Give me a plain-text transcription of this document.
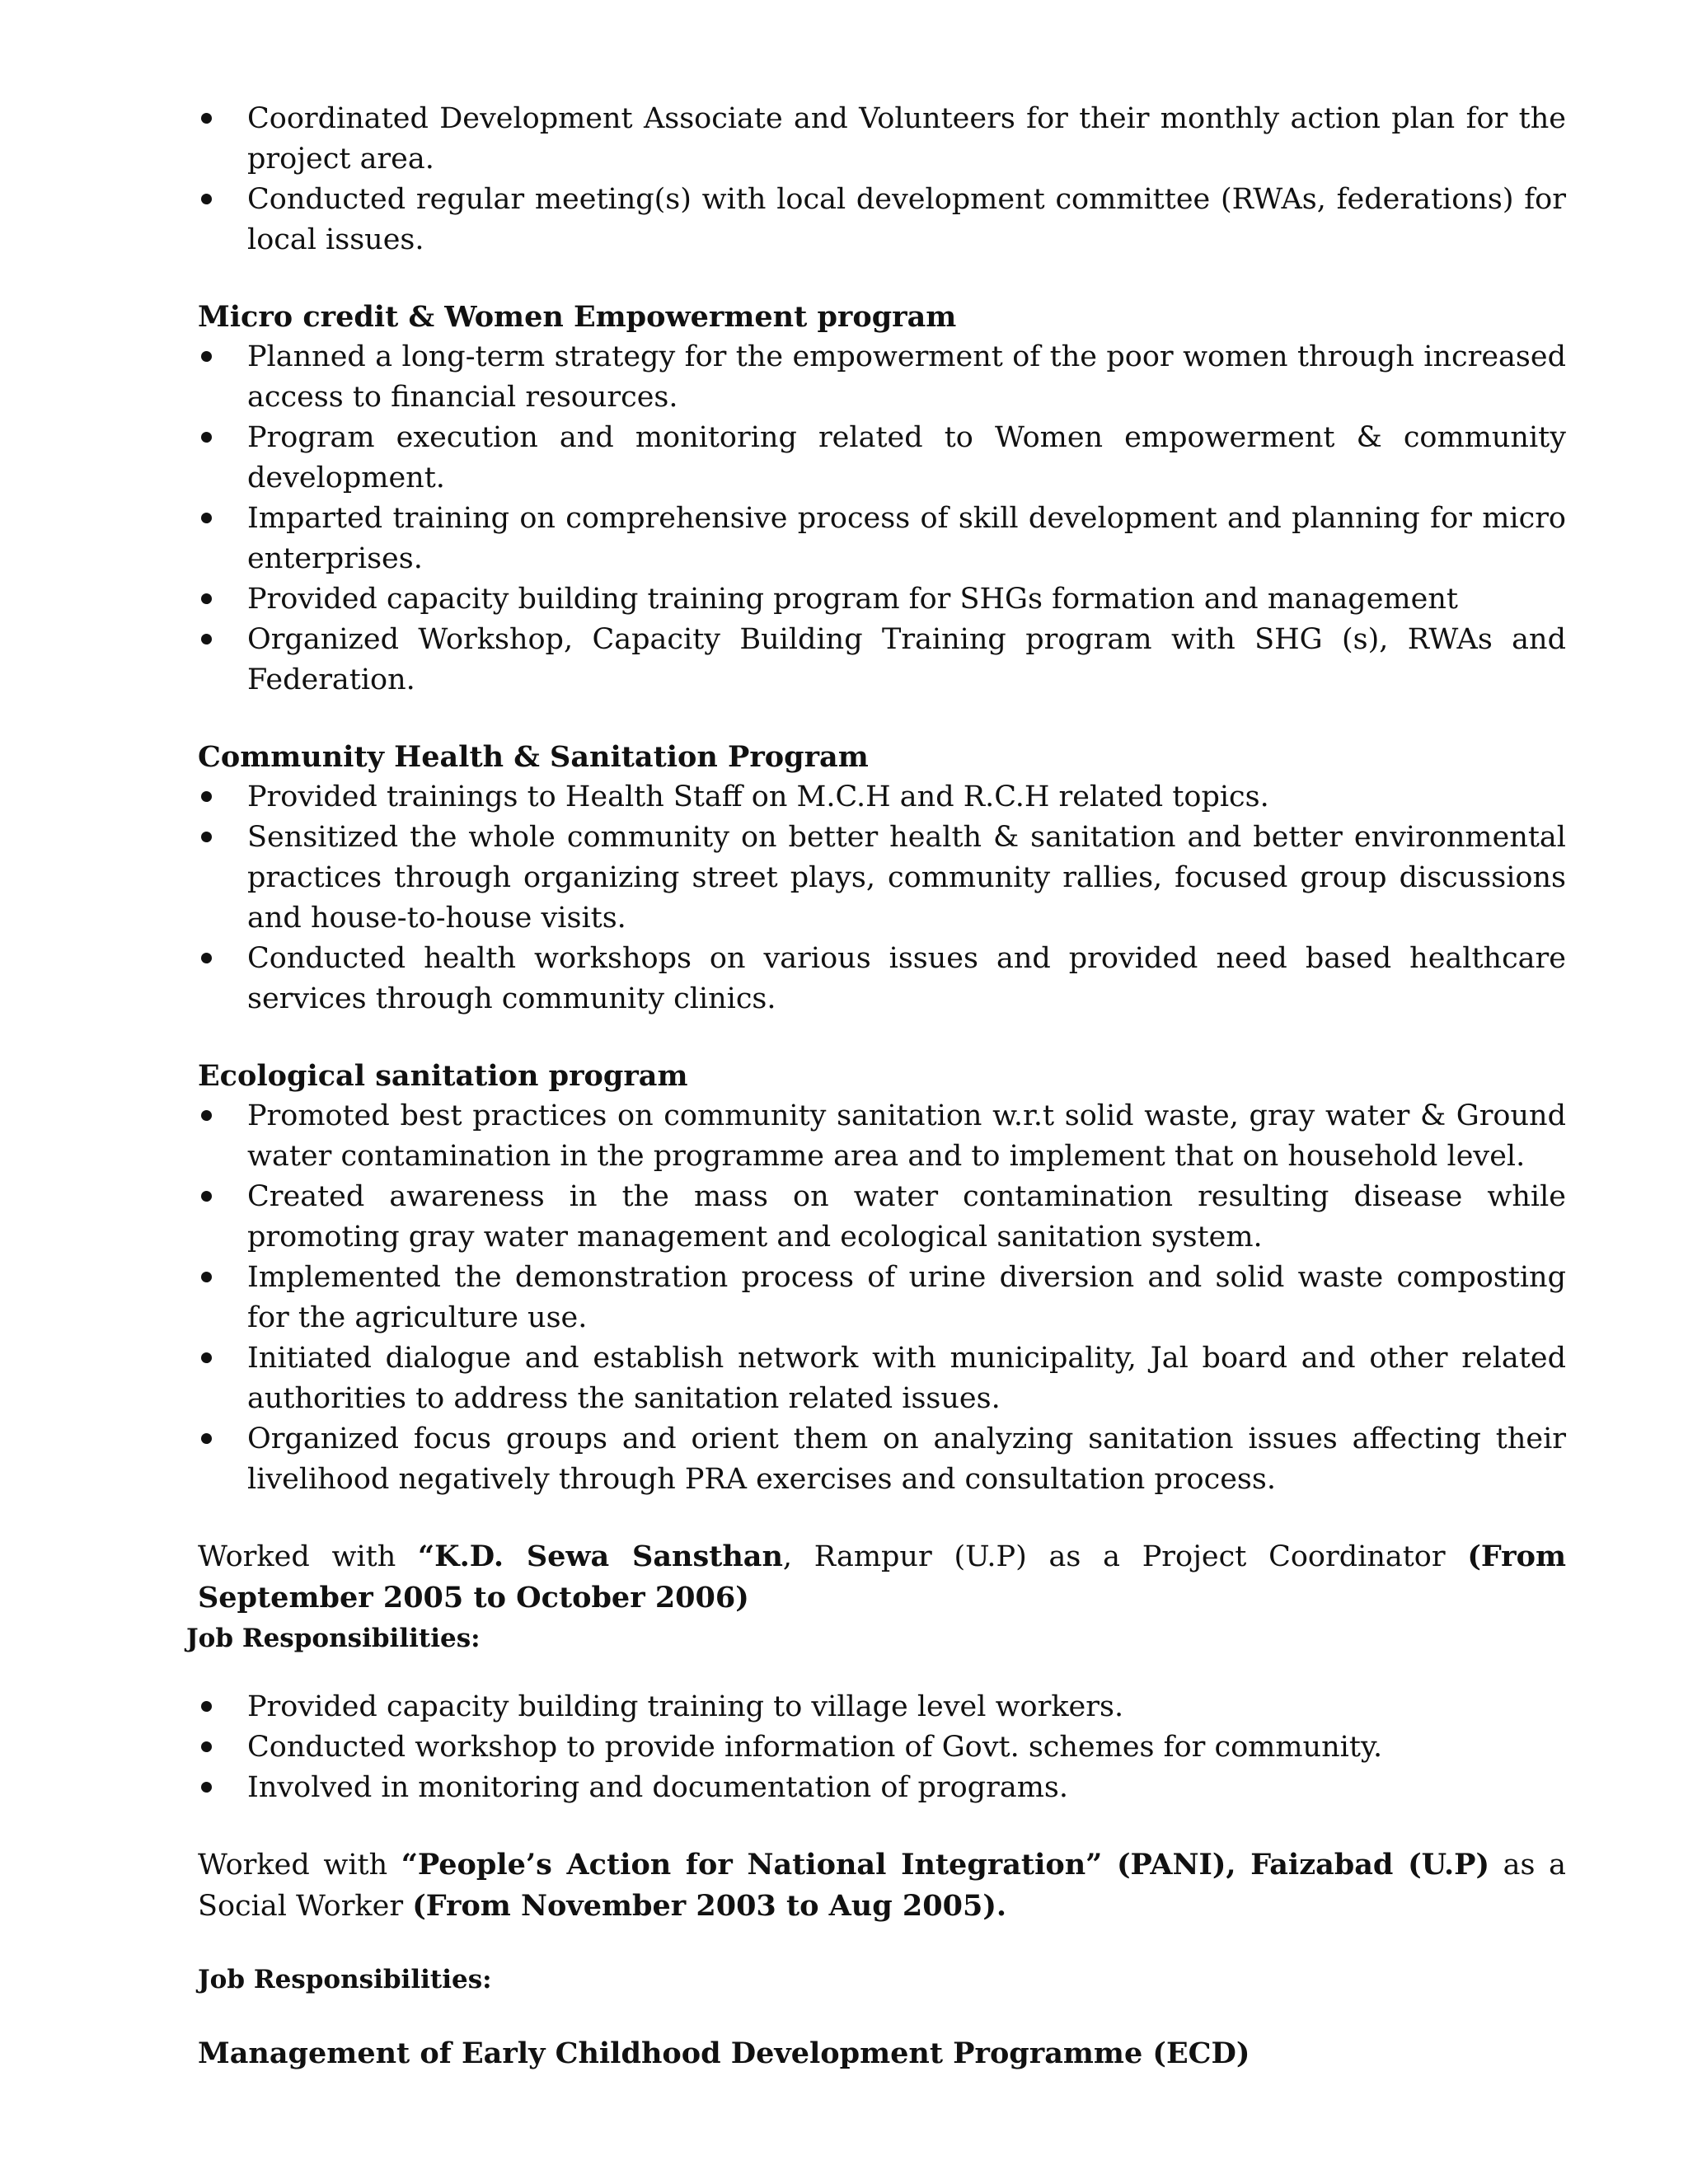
Coordinated Development Associate and Volunteers for their monthly action plan for the project area.
Conducted regular meeting(s) with local development committee (RWAs, federations) for local issues.
Micro credit & Women Empowerment program
Planned a long-term strategy for the empowerment of the poor women through increased access to financial resources.
Program execution and monitoring related to Women empowerment & community development.
Imparted training on comprehensive process of skill development and planning for micro enterprises.
Provided capacity building training program for SHGs formation and management
Organized Workshop, Capacity Building Training program with SHG (s), RWAs and Federation.
Community Health & Sanitation Program
Provided trainings to Health Staff on M.C.H and R.C.H related topics.
Sensitized the whole community on better health & sanitation and better environmental practices through organizing street plays, community rallies, focused group discussions and house-to-house visits.
Conducted health workshops on various issues and provided need based healthcare services through community clinics.
Ecological sanitation program
Promoted best practices on community sanitation w.r.t solid waste, gray water & Ground water contamination in the programme area and to implement that on household level.
Created awareness in the mass on water contamination resulting disease while promoting gray water management and ecological sanitation system.
Implemented the demonstration process of urine diversion and solid waste composting for the agriculture use.
Initiated dialogue and establish network with municipality, Jal board and other related authorities to address the sanitation related issues.
Organized focus groups and orient them on analyzing sanitation issues affecting their livelihood negatively through PRA exercises and consultation process.
Worked with “K.D. Sewa Sansthan, Rampur (U.P) as a Project Coordinator (From September 2005 to October 2006)
Job Responsibilities:
Provided capacity building training to village level workers.
Conducted workshop to provide information of Govt. schemes for community.
Involved in monitoring and documentation of programs.
Worked with “People’s Action for National Integration” (PANI), Faizabad (U.P) as a Social Worker (From November 2003 to Aug 2005).
Job Responsibilities:
Management of Early Childhood Development Programme (ECD)
